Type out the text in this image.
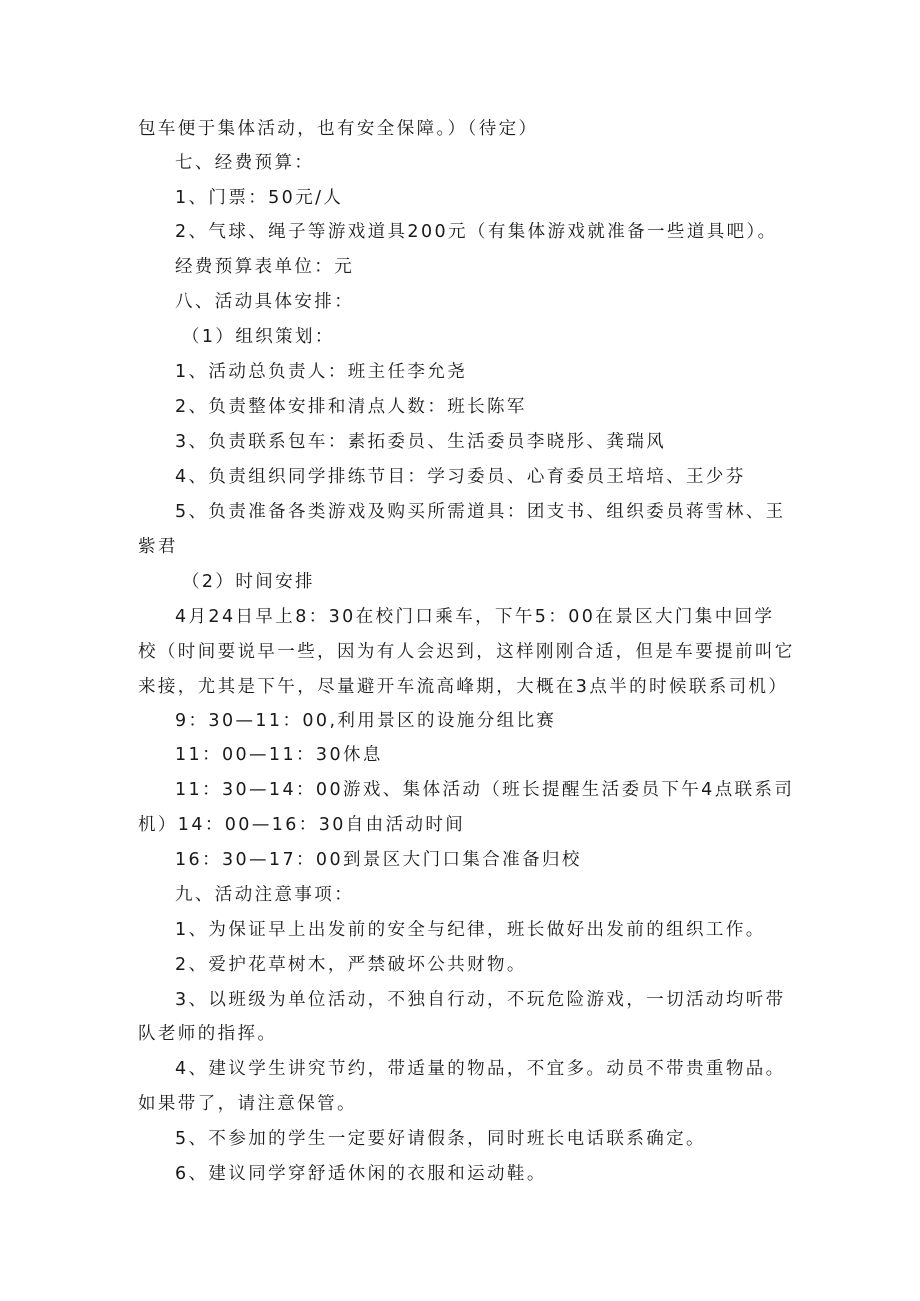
包车便于集体活动，也有安全保障。）（待定）

七、经费预算：

1、门票：50元/人

2、气球、绳子等游戏道具200元（有集体游戏就准备一些道具吧）。

经费预算表单位：元

八、活动具体安排：

（1）组织策划：

1、活动总负责人：班主任李允尧

2、负责整体安排和清点人数：班长陈军

3、负责联系包车：素拓委员、生活委员李晓彤、龚瑞风

4、负责组织同学排练节目：学习委员、心育委员王培培、王少芬

5、负责准备各类游戏及购买所需道具：团支书、组织委员蒋雪林、王

紫君

（2）时间安排

4月24日早上8：30在校门口乘车，下午5：00在景区大门集中回学

校（时间要说早一些，因为有人会迟到，这样刚刚合适，但是车要提前叫它

来接，尤其是下午，尽量避开车流高峰期，大概在3点半的时候联系司机）

9：30—11：00,利用景区的设施分组比赛

11：00—11：30休息

11：30—14：00游戏、集体活动（班长提醒生活委员下午4点联系司

机）14：00—16：30自由活动时间

16：30—17：00到景区大门口集合准备归校

九、活动注意事项：

1、为保证早上出发前的安全与纪律，班长做好出发前的组织工作。

2、爱护花草树木，严禁破坏公共财物。

3、以班级为单位活动，不独自行动，不玩危险游戏，一切活动均听带

队老师的指挥。

4、建议学生讲究节约，带适量的物品，不宜多。动员不带贵重物品。

如果带了，请注意保管。

5、不参加的学生一定要好请假条，同时班长电话联系确定。

6、建议同学穿舒适休闲的衣服和运动鞋。
